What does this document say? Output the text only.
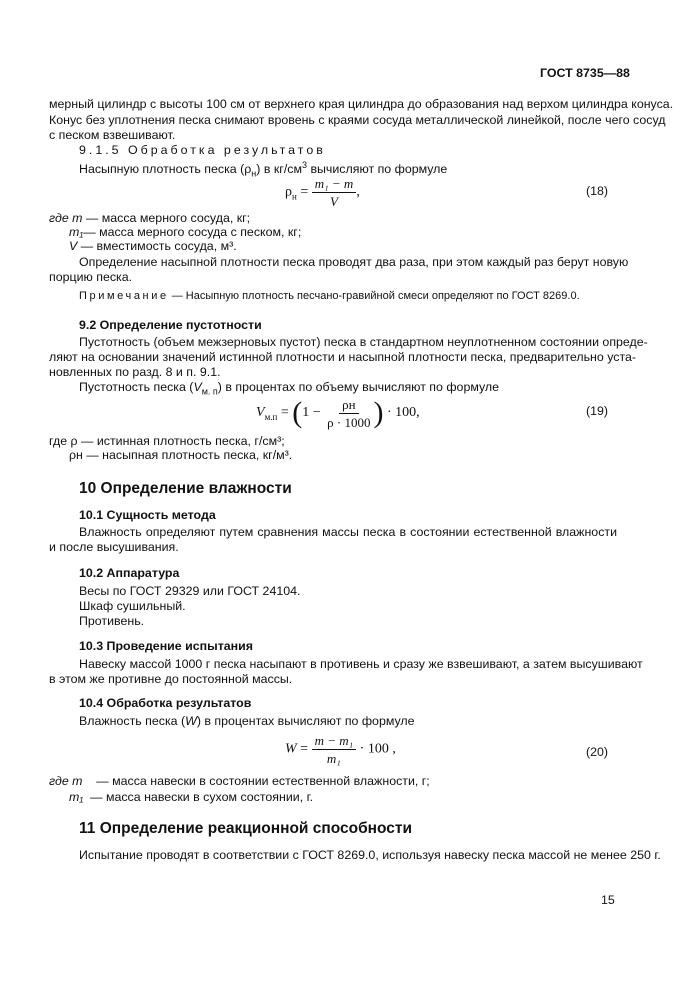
ГОСТ 8735—88
мерный цилиндр с высоты 100 см от верхнего края цилиндра до образования над верхом цилиндра конуса.
Конус без уплотнения песка снимают вровень с краями сосуда металлической линейкой, после чего сосуд
с песком взвешивают.
9.1.5 Обработка результатов
Насыпную плотность песка $(\rho_н)$ в $кг/см^3$ вычисляют по формуле
$\rho_н = \frac{\text{m₁ − m}}{V}$ ,	(18)
где m — масса мерного сосуда, кг;
m₁— масса мерного сосуда с песком, кг;
V — вместимость сосуда, м³.
Определение насыпной плотности песка проводят два раза, при этом каждый раз берут новую
порцию песка.
Примечание — Насыпную плотность песчано-гравийной смеси определяют по ГОСТ 8269.0.
9.2 Определение пустотности
Пустотность (объем межзерновых пустот) песка в стандартном неуплотненном состоянии опреде-
ляют на основании значений истинной плотности и насыпной плотности песка, предварительно уста-
новленных по разд. 8 и п. 9.1.
Пустотность песка $(V_{м. п})$ в процентах по объему вычисляют по формуле
$V_{м.п} = (1 - \frac{\rho н}{\rho \cdot 1000}$ ) · 100,	(19)
где ρ — истинная плотность песка, г/см³;
ρн — насыпная плотность песка, кг/м³.
10 Определение влажности
10.1 Сущность метода
Влажность определяют путем сравнения массы песка в состоянии естественной влажности
и после высушивания.
10.2 Аппаратура
Весы по ГОСТ 29329 или ГОСТ 24104.
Шкаф сушильный.
Противень.
10.3 Проведение испытания
Навеску массой 1000 г песка насыпают в противень и сразу же взвешивают, а затем высушивают
в этом же противне до постоянной массы.
10.4 Обработка результатов
Влажность песка (W) в процентах вычисляют по формуле
$W = \frac{\text{m − m₁}}{\text{m₁}} \cdot 100$ ,	(20)
где m    — масса навески в состоянии естественной влажности, г;
m₁  — масса навески в сухом состоянии, г.
11 Определение реакционной способности
Испытание проводят в соответствии с ГОСТ 8269.0, используя навеску песка массой не менее 250 г.
15
